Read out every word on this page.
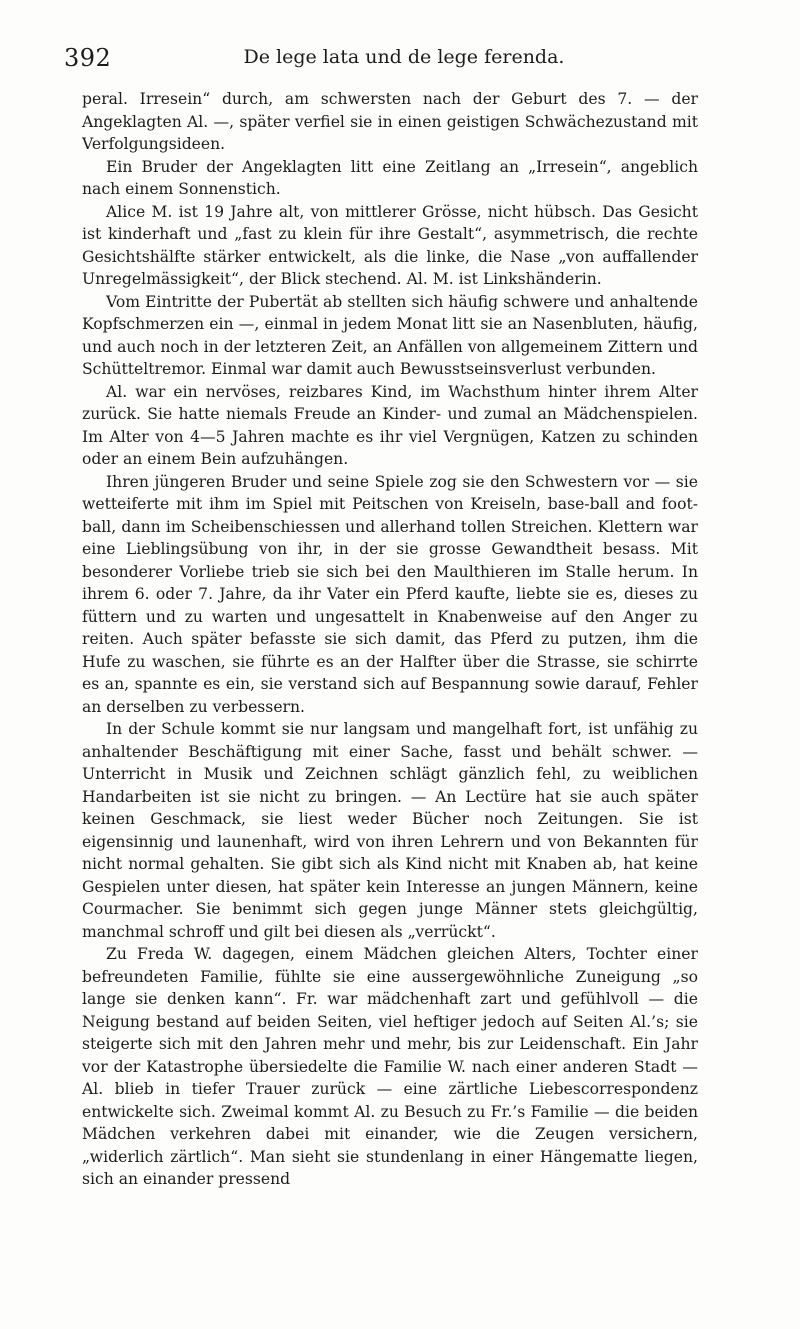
392	De lege lata und de lege ferenda.

peral. Irresein“ durch, am schwersten nach der Geburt des 7. — der Angeklagten Al. —, später verfiel sie in einen geistigen Schwächezustand mit Verfolgungsideen.

Ein Bruder der Angeklagten litt eine Zeitlang an „Irresein“, angeblich nach einem Sonnenstich.

Alice M. ist 19 Jahre alt, von mittlerer Grösse, nicht hübsch. Das Gesicht ist kinderhaft und „fast zu klein für ihre Gestalt“, asymmetrisch, die rechte Gesichtshälfte stärker entwickelt, als die linke, die Nase „von auffallender Unregelmässigkeit“, der Blick stechend. Al. M. ist Linkshänderin.

Vom Eintritte der Pubertät ab stellten sich häufig schwere und anhaltende Kopfschmerzen ein —, einmal in jedem Monat litt sie an Nasenbluten, häufig, und auch noch in der letzteren Zeit, an Anfällen von allgemeinem Zittern und Schütteltremor. Einmal war damit auch Bewusstseinsverlust verbunden.

Al. war ein nervöses, reizbares Kind, im Wachsthum hinter ihrem Alter zurück. Sie hatte niemals Freude an Kinder- und zumal an Mädchenspielen. Im Alter von 4—5 Jahren machte es ihr viel Vergnügen, Katzen zu schinden oder an einem Bein aufzuhängen.

Ihren jüngeren Bruder und seine Spiele zog sie den Schwestern vor — sie wetteiferte mit ihm im Spiel mit Peitschen von Kreiseln, base-ball and foot-ball, dann im Scheibenschiessen und allerhand tollen Streichen. Klettern war eine Lieblingsübung von ihr, in der sie grosse Gewandtheit besass. Mit besonderer Vorliebe trieb sie sich bei den Maulthieren im Stalle herum. In ihrem 6. oder 7. Jahre, da ihr Vater ein Pferd kaufte, liebte sie es, dieses zu füttern und zu warten und ungesattelt in Knabenweise auf den Anger zu reiten. Auch später befasste sie sich damit, das Pferd zu putzen, ihm die Hufe zu waschen, sie führte es an der Halfter über die Strasse, sie schirrte es an, spannte es ein, sie verstand sich auf Bespannung sowie darauf, Fehler an derselben zu verbessern.

In der Schule kommt sie nur langsam und mangelhaft fort, ist unfähig zu anhaltender Beschäftigung mit einer Sache, fasst und behält schwer. — Unterricht in Musik und Zeichnen schlägt gänzlich fehl, zu weiblichen Handarbeiten ist sie nicht zu bringen. — An Lectüre hat sie auch später keinen Geschmack, sie liest weder Bücher noch Zeitungen. Sie ist eigensinnig und launenhaft, wird von ihren Lehrern und von Bekannten für nicht normal gehalten. Sie gibt sich als Kind nicht mit Knaben ab, hat keine Gespielen unter diesen, hat später kein Interesse an jungen Männern, keine Courmacher. Sie benimmt sich gegen junge Männer stets gleichgültig, manchmal schroff und gilt bei diesen als „verrückt“.

Zu Freda W. dagegen, einem Mädchen gleichen Alters, Tochter einer befreundeten Familie, fühlte sie eine aussergewöhnliche Zuneigung „so lange sie denken kann“. Fr. war mädchenhaft zart und gefühlvoll — die Neigung bestand auf beiden Seiten, viel heftiger jedoch auf Seiten Al.’s; sie steigerte sich mit den Jahren mehr und mehr, bis zur Leidenschaft. Ein Jahr vor der Katastrophe übersiedelte die Familie W. nach einer anderen Stadt — Al. blieb in tiefer Trauer zurück — eine zärtliche Liebescorrespondenz entwickelte sich. Zweimal kommt Al. zu Besuch zu Fr.’s Familie — die beiden Mädchen verkehren dabei mit einander, wie die Zeugen versichern, „widerlich zärtlich“. Man sieht sie stundenlang in einer Hängematte liegen, sich an einander pressend
